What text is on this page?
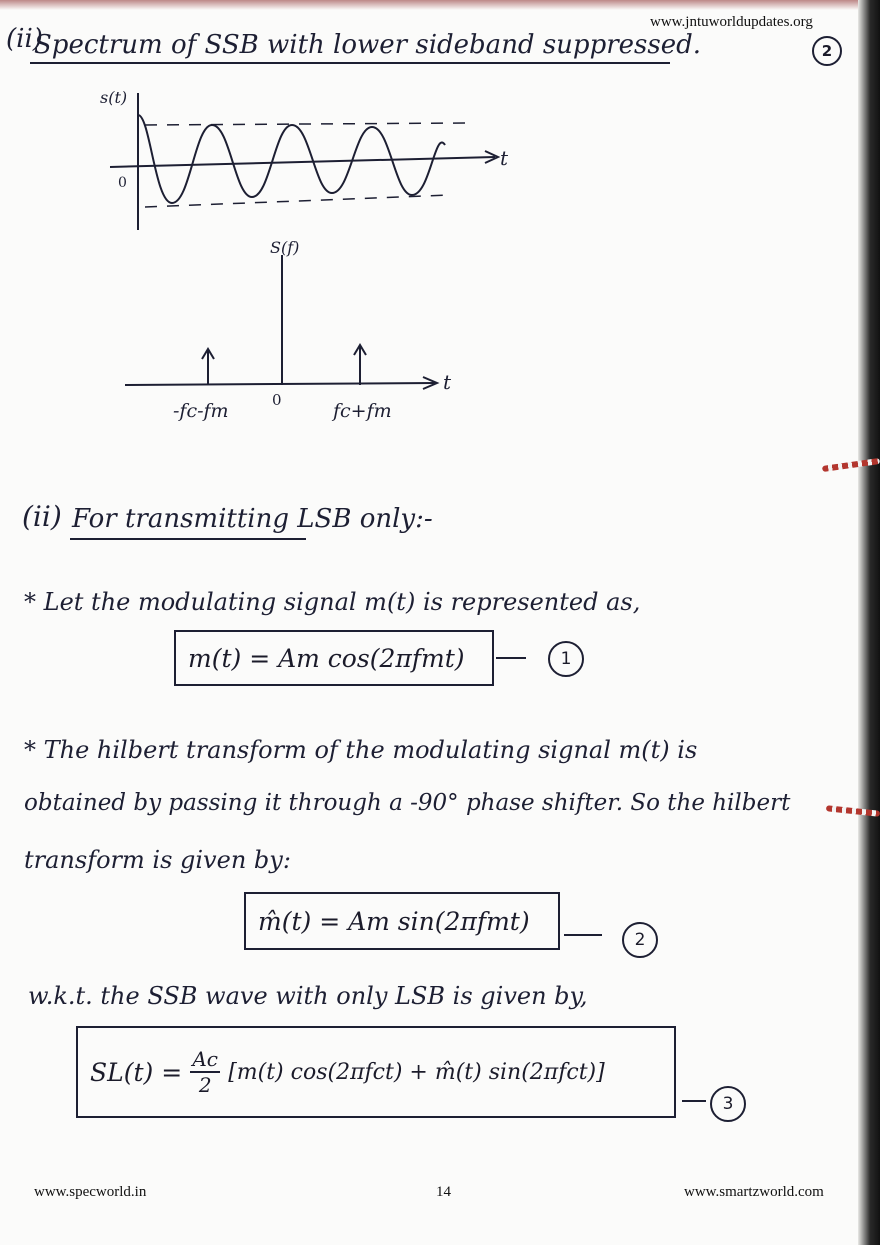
www.jntuworldupdates.org
2
(ii)
Spectrum of SSB with lower sideband suppressed.
s(t)
t
0
S(f)
t
0
-fc-fm	fc+fm
(ii) For transmitting LSB only:-
* Let the modulating signal m(t) is represented as,
m(t) = Am cos(2πfmt)	1
* The hilbert transform of the modulating signal m(t) is
obtained by passing it through a -90° phase shifter. So the hilbert
transform is given by:
m̂(t) = Am sin(2πfmt)
2
w.k.t. the SSB wave with only LSB is given by,
$SL(t) = \frac{Ac}{2} [m(t) \cos(2\pi fct)$ + m̂(t) sin(2πfct)]
3
www.specworld.in	14	www.smartzworld.com
